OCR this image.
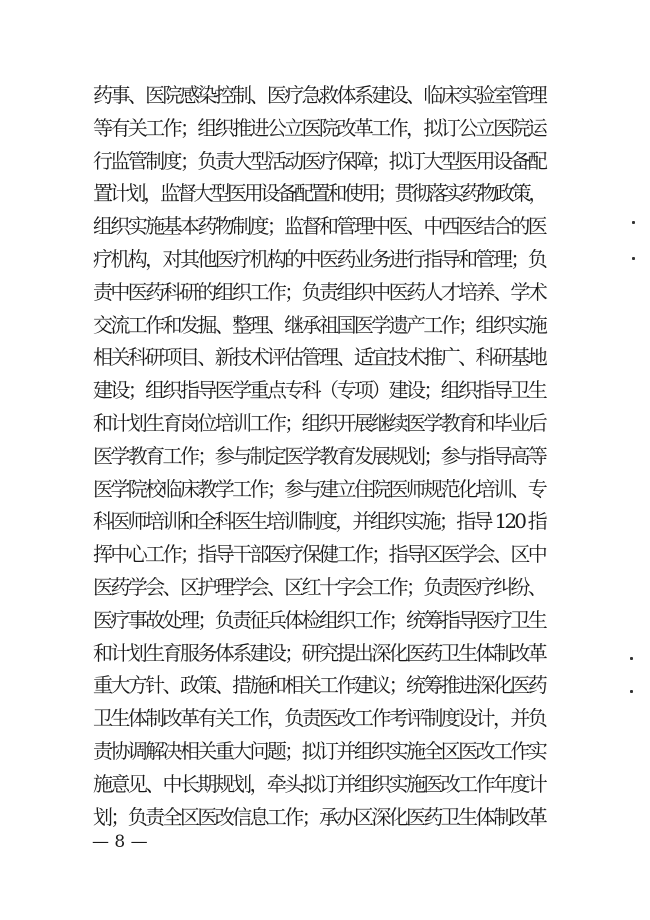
药事、医院感染控制、医疗急救体系建设、临床实验室管理
等有关工作；组织推进公立医院改革工作，拟订公立医院运
行监管制度；负责大型活动医疗保障；拟订大型医用设备配
置计划，监督大型医用设备配置和使用；贯彻落实药物政策，
组织实施基本药物制度；监督和管理中医、中西医结合的医
疗机构，对其他医疗机构的中医药业务进行指导和管理；负
责中医药科研的组织工作；负责组织中医药人才培养、学术
交流工作和发掘、整理、继承祖国医学遗产工作；组织实施
相关科研项目、新技术评估管理、适宜技术推广、科研基地
建设；组织指导医学重点专科（专项）建设；组织指导卫生
和计划生育岗位培训工作；组织开展继续医学教育和毕业后
医学教育工作；参与制定医学教育发展规划；参与指导高等
医学院校临床教学工作；参与建立住院医师规范化培训、专
科医师培训和全科医生培训制度，并组织实施；指导 120 指
挥中心工作；指导干部医疗保健工作；指导区医学会、区中
医药学会、区护理学会、区红十字会工作；负责医疗纠纷、
医疗事故处理；负责征兵体检组织工作；统筹指导医疗卫生
和计划生育服务体系建设；研究提出深化医药卫生体制改革
重大方针、政策、措施和相关工作建议；统筹推进深化医药
卫生体制改革有关工作，负责医改工作考评制度设计，并负
责协调解决相关重大问题；拟订并组织实施全区医改工作实
施意见、中长期规划，牵头拟订并组织实施医改工作年度计
划；负责全区医改信息工作；承办区深化医药卫生体制改革
— 8 —
